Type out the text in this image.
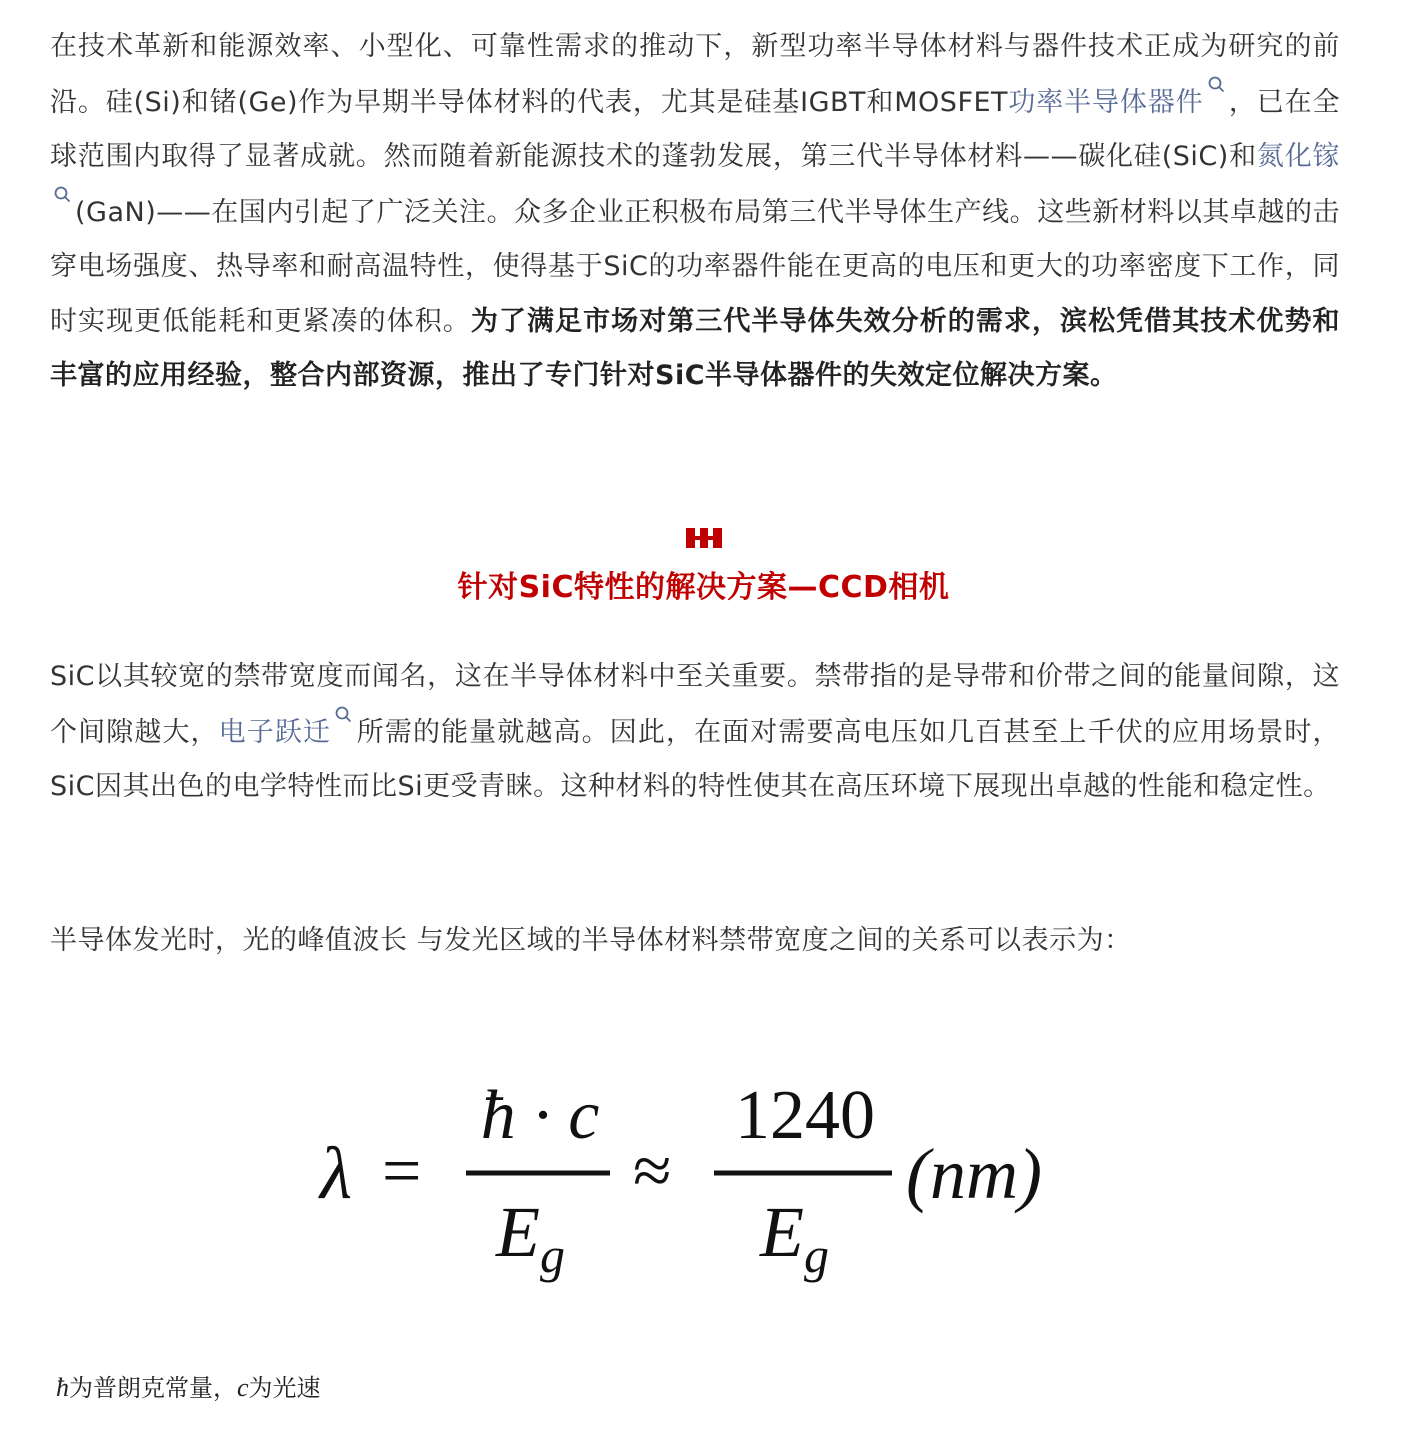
在技术革新和能源效率、小型化、可靠性需求的推动下，新型功率半导体材料与器件技术正成为研究的前沿。硅(Si)和锗(Ge)作为早期半导体材料的代表，尤其是硅基IGBT和MOSFET功率半导体器件 ，已在全球范围内取得了显著成就。然而随着新能源技术的蓬勃发展，第三代半导体材料——碳化硅(SiC)和氮化镓
(GaN)——在国内引起了广泛关注。众多企业正积极布局第三代半导体生产线。这些新材料以其卓越的击穿电场强度、热导率和耐高温特性，使得基于SiC的功率器件能在更高的电压和更大的功率密度下工作，同时实现更低能耗和更紧凑的体积。为了满足市场对第三代半导体失效分析的需求，滨松凭借其技术优势和丰富的应用经验，整合内部资源，推出了专门针对SiC半导体器件的失效定位解决方案。

针对SiC特性的解决方案—CCD相机

SiC以其较宽的禁带宽度而闻名，这在半导体材料中至关重要。禁带指的是导带和价带之间的能量间隙，这个间隙越大，电子跃迁 所需的能量就越高。因此，在面对需要高电压如几百甚至上千伏的应用场景时，SiC因其出色的电学特性而比Si更受青睐。这种材料的特性使其在高压环境下展现出卓越的性能和稳定性。

半导体发光时，光的峰值波长 与发光区域的半导体材料禁带宽度之间的关系可以表示为：

λ =
ħ · c
E g
≈
1240
E g
(nm)
ħ为普朗克常量，c为光速
